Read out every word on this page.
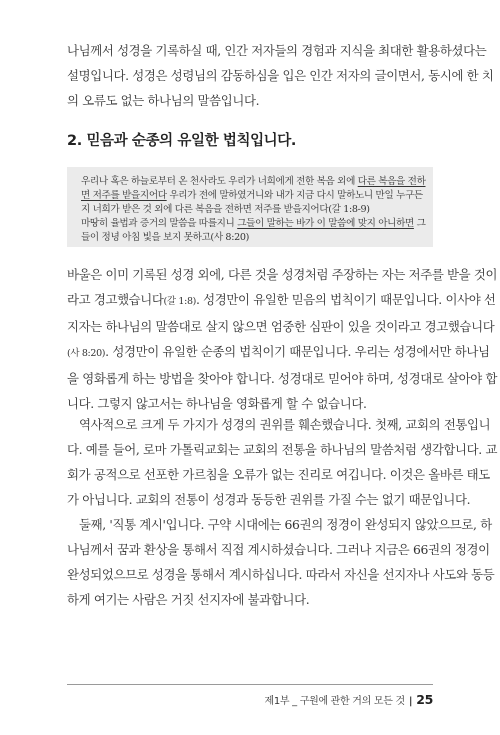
나님께서 성경을 기록하실 때, 인간 저자들의 경험과 지식을 최대한 활용하셨다는
설명입니다. 성경은 성령님의 감동하심을 입은 인간 저자의 글이면서, 동시에 한 치
의 오류도 없는 하나님의 말씀입니다.
2. 믿음과 순종의 유일한 법칙입니다.
우리나 혹은 하늘로부터 온 천사라도 우리가 너희에게 전한 복음 외에 다른 복음을 전하
면 저주를 받을지어다 우리가 전에 말하였거니와 내가 지금 다시 말하노니 만일 누구든
지 너희가 받은 것 외에 다른 복음을 전하면 저주를 받을지어다(갈 1:8-9)
마땅히 율법과 증거의 말씀을 따를지니 그들이 말하는 바가 이 말씀에 맞지 아니하면 그
들이 정녕 아침 빛을 보지 못하고(사 8:20)
바울은 이미 기록된 성경 외에, 다른 것을 성경처럼 주장하는 자는 저주를 받을 것이
라고 경고했습니다(갈 1:8). 성경만이 유일한 믿음의 법칙이기 때문입니다. 이사야 선
지자는 하나님의 말씀대로 살지 않으면 엄중한 심판이 있을 것이라고 경고했습니다
(사 8:20). 성경만이 유일한 순종의 법칙이기 때문입니다. 우리는 성경에서만 하나님
을 영화롭게 하는 방법을 찾아야 합니다. 성경대로 믿어야 하며, 성경대로 살아야 합
니다. 그렇지 않고서는 하나님을 영화롭게 할 수 없습니다.
역사적으로 크게 두 가지가 성경의 권위를 훼손했습니다. 첫째, 교회의 전통입니
다. 예를 들어, 로마 가톨릭교회는 교회의 전통을 하나님의 말씀처럼 생각합니다. 교
회가 공적으로 선포한 가르침을 오류가 없는 진리로 여깁니다. 이것은 올바른 태도
가 아닙니다. 교회의 전통이 성경과 동등한 권위를 가질 수는 없기 때문입니다.
둘째, '직통 계시'입니다. 구약 시대에는 66권의 정경이 완성되지 않았으므로, 하
나님께서 꿈과 환상을 통해서 직접 계시하셨습니다. 그러나 지금은 66권의 정경이
완성되었으므로 성경을 통해서 계시하십니다. 따라서 자신을 선지자나 사도와 동등
하게 여기는 사람은 거짓 선지자에 불과합니다.
제1부 _ 구원에 관한 거의 모든 것 | 25
